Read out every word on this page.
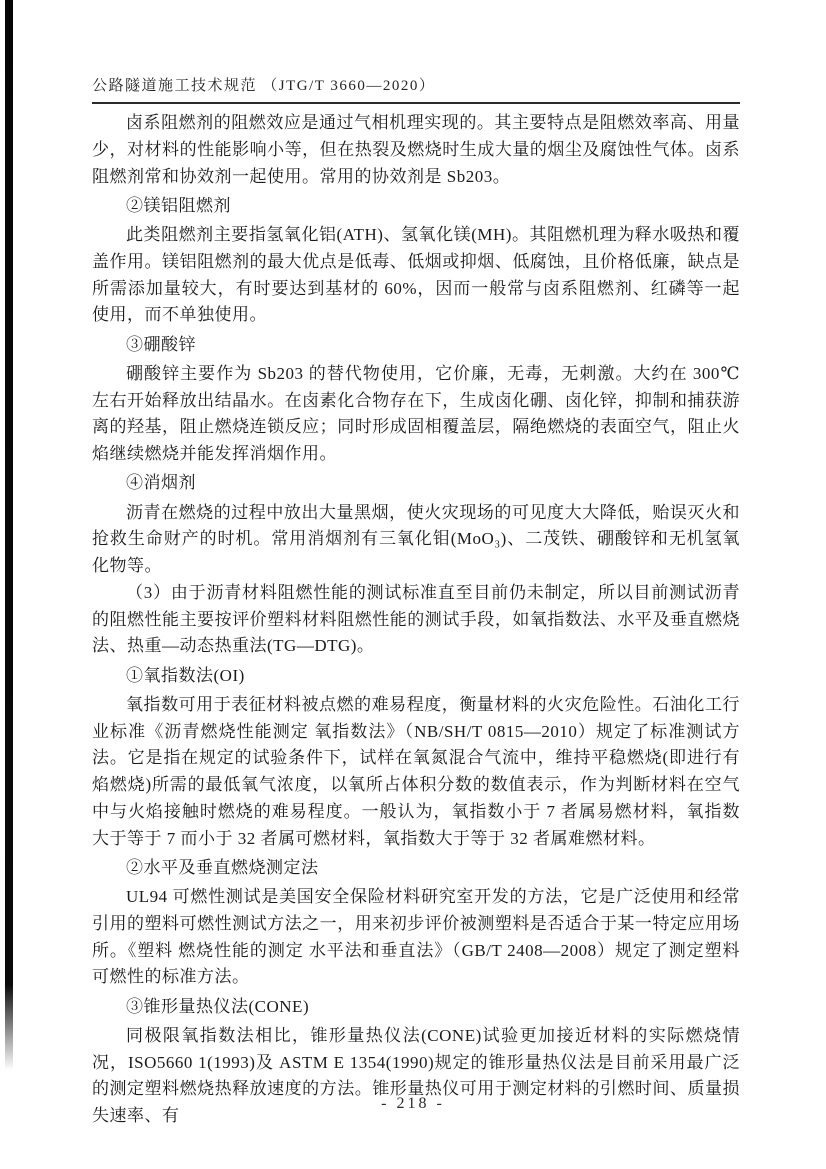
公路隧道施工技术规范 （JTG/T 3660—2020）

卤系阻燃剂的阻燃效应是通过气相机理实现的。其主要特点是阻燃效率高、用量少，对材料的性能影响小等，但在热裂及燃烧时生成大量的烟尘及腐蚀性气体。卤系阻燃剂常和协效剂一起使用。常用的协效剂是 Sb203。

②镁铝阻燃剂

此类阻燃剂主要指氢氧化铝(ATH)、氢氧化镁(MH)。其阻燃机理为释水吸热和覆盖作用。镁铝阻燃剂的最大优点是低毒、低烟或抑烟、低腐蚀，且价格低廉，缺点是所需添加量较大，有时要达到基材的 60%，因而一般常与卤系阻燃剂、红磷等一起使用，而不单独使用。

③硼酸锌

硼酸锌主要作为 Sb203 的替代物使用，它价廉，无毒，无刺激。大约在 300℃左右开始释放出结晶水。在卤素化合物存在下，生成卤化硼、卤化锌，抑制和捕获游离的羟基，阻止燃烧连锁反应；同时形成固相覆盖层，隔绝燃烧的表面空气，阻止火焰继续燃烧并能发挥消烟作用。

④消烟剂

沥青在燃烧的过程中放出大量黑烟，使火灾现场的可见度大大降低，贻误灭火和抢救生命财产的时机。常用消烟剂有三氧化钼(MoO₃)、二茂铁、硼酸锌和无机氢氧化物等。

（3）由于沥青材料阻燃性能的测试标准直至目前仍未制定，所以目前测试沥青的阻燃性能主要按评价塑料材料阻燃性能的测试手段，如氧指数法、水平及垂直燃烧法、热重—动态热重法(TG—DTG)。

①氧指数法(OI)

氧指数可用于表征材料被点燃的难易程度，衡量材料的火灾危险性。石油化工行业标准《沥青燃烧性能测定 氧指数法》（NB/SH/T 0815—2010）规定了标准测试方法。它是指在规定的试验条件下，试样在氧氮混合气流中，维持平稳燃烧(即进行有焰燃烧)所需的最低氧气浓度，以氧所占体积分数的数值表示，作为判断材料在空气中与火焰接触时燃烧的难易程度。一般认为，氧指数小于 7 者属易燃材料，氧指数大于等于 7 而小于 32 者属可燃材料，氧指数大于等于 32 者属难燃材料。

②水平及垂直燃烧测定法

UL94 可燃性测试是美国安全保险材料研究室开发的方法，它是广泛使用和经常引用的塑料可燃性测试方法之一，用来初步评价被测塑料是否适合于某一特定应用场所。《塑料 燃烧性能的测定 水平法和垂直法》（GB/T 2408—2008）规定了测定塑料可燃性的标准方法。

③锥形量热仪法(CONE)

同极限氧指数法相比，锥形量热仪法(CONE)试验更加接近材料的实际燃烧情况，ISO5660 1(1993)及 ASTM E 1354(1990)规定的锥形量热仪法是目前采用最广泛的测定塑料燃烧热释放速度的方法。锥形量热仪可用于测定材料的引燃时间、质量损失速率、有

- 218 -
